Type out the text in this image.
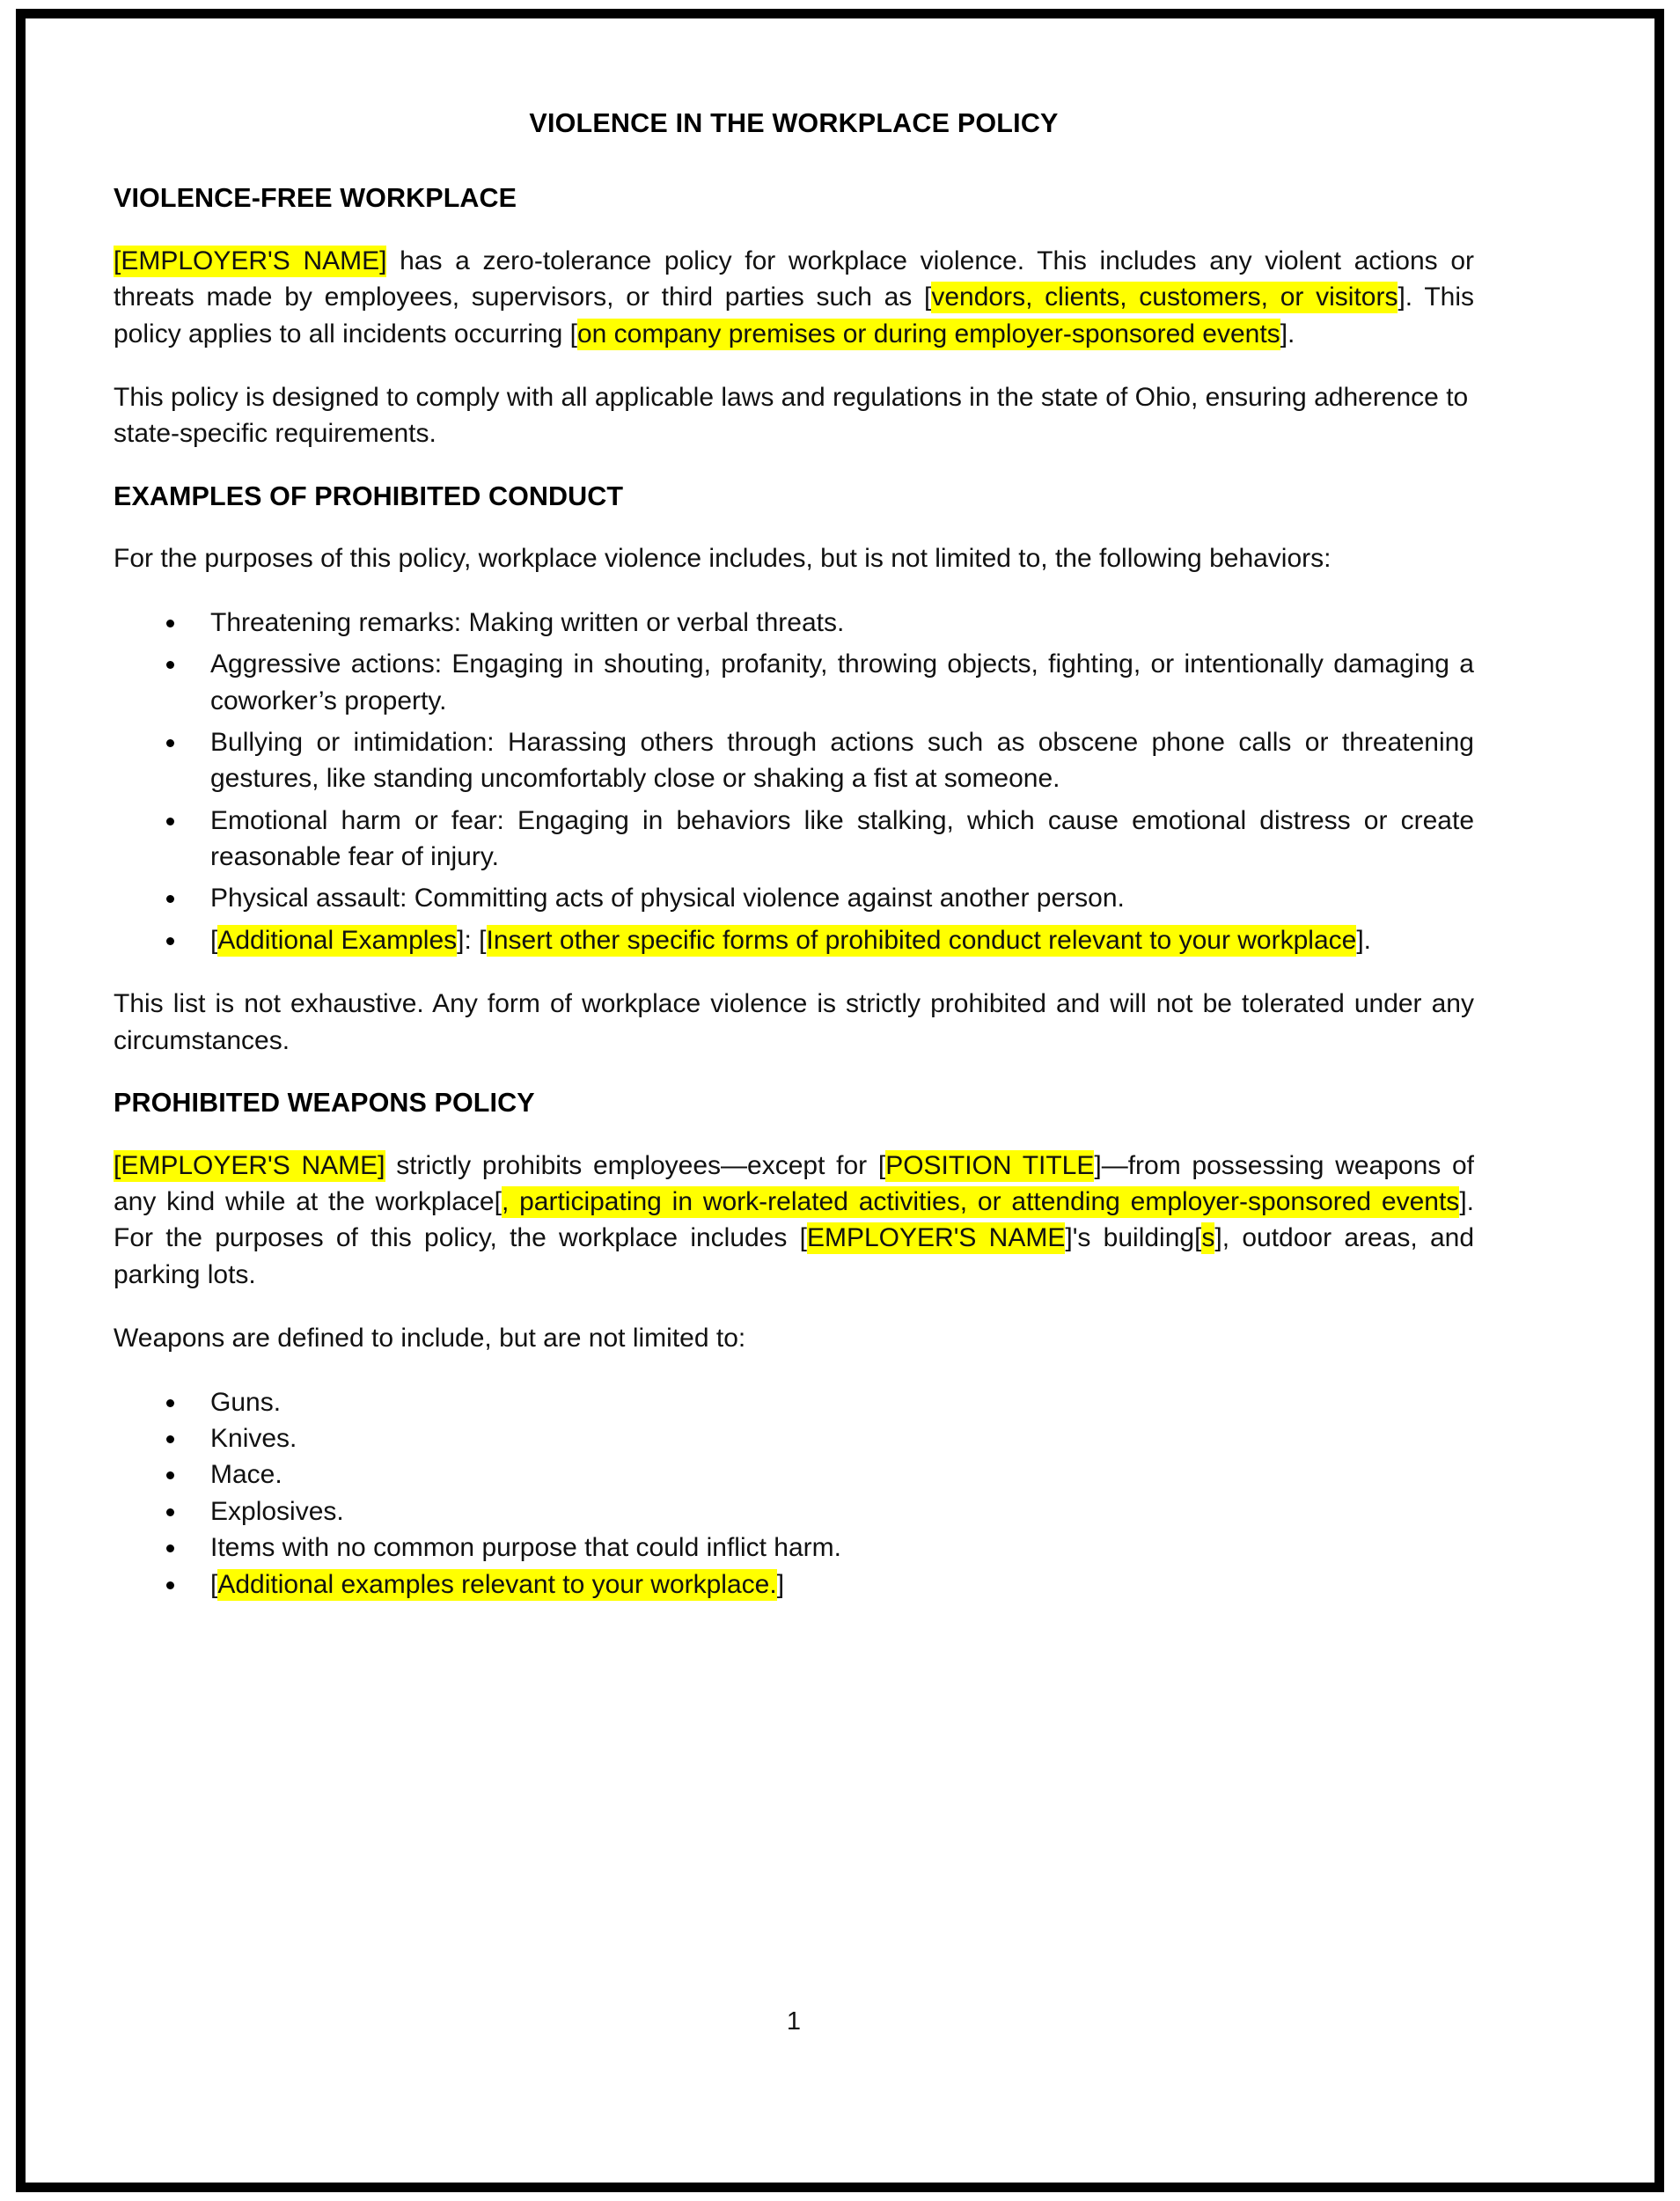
VIOLENCE IN THE WORKPLACE POLICY
VIOLENCE-FREE WORKPLACE

[EMPLOYER'S NAME] has a zero-tolerance policy for workplace violence. This includes any violent actions or threats made by employees, supervisors, or third parties such as [vendors, clients, customers, or visitors]. This policy applies to all incidents occurring [on company premises or during employer-sponsored events].

This policy is designed to comply with all applicable laws and regulations in the state of Ohio, ensuring adherence to state-specific requirements.

EXAMPLES OF PROHIBITED CONDUCT

For the purposes of this policy, workplace violence includes, but is not limited to, the following behaviors:

Threatening remarks: Making written or verbal threats.
Aggressive actions: Engaging in shouting, profanity, throwing objects, fighting, or intentionally damaging a coworker’s property.
Bullying or intimidation: Harassing others through actions such as obscene phone calls or threatening gestures, like standing uncomfortably close or shaking a fist at someone.
Emotional harm or fear: Engaging in behaviors like stalking, which cause emotional distress or create reasonable fear of injury.
Physical assault: Committing acts of physical violence against another person.
[Additional Examples]: [Insert other specific forms of prohibited conduct relevant to your workplace].

This list is not exhaustive. Any form of workplace violence is strictly prohibited and will not be tolerated under any circumstances.

PROHIBITED WEAPONS POLICY

[EMPLOYER'S NAME] strictly prohibits employees—except for [POSITION TITLE]—from possessing weapons of any kind while at the workplace[, participating in work-related activities, or attending employer-sponsored events]. For the purposes of this policy, the workplace includes [EMPLOYER'S NAME]'s building[s], outdoor areas, and parking lots.

Weapons are defined to include, but are not limited to:

Guns.
Knives.
Mace.
Explosives.
Items with no common purpose that could inflict harm.
[Additional examples relevant to your workplace.]
1
